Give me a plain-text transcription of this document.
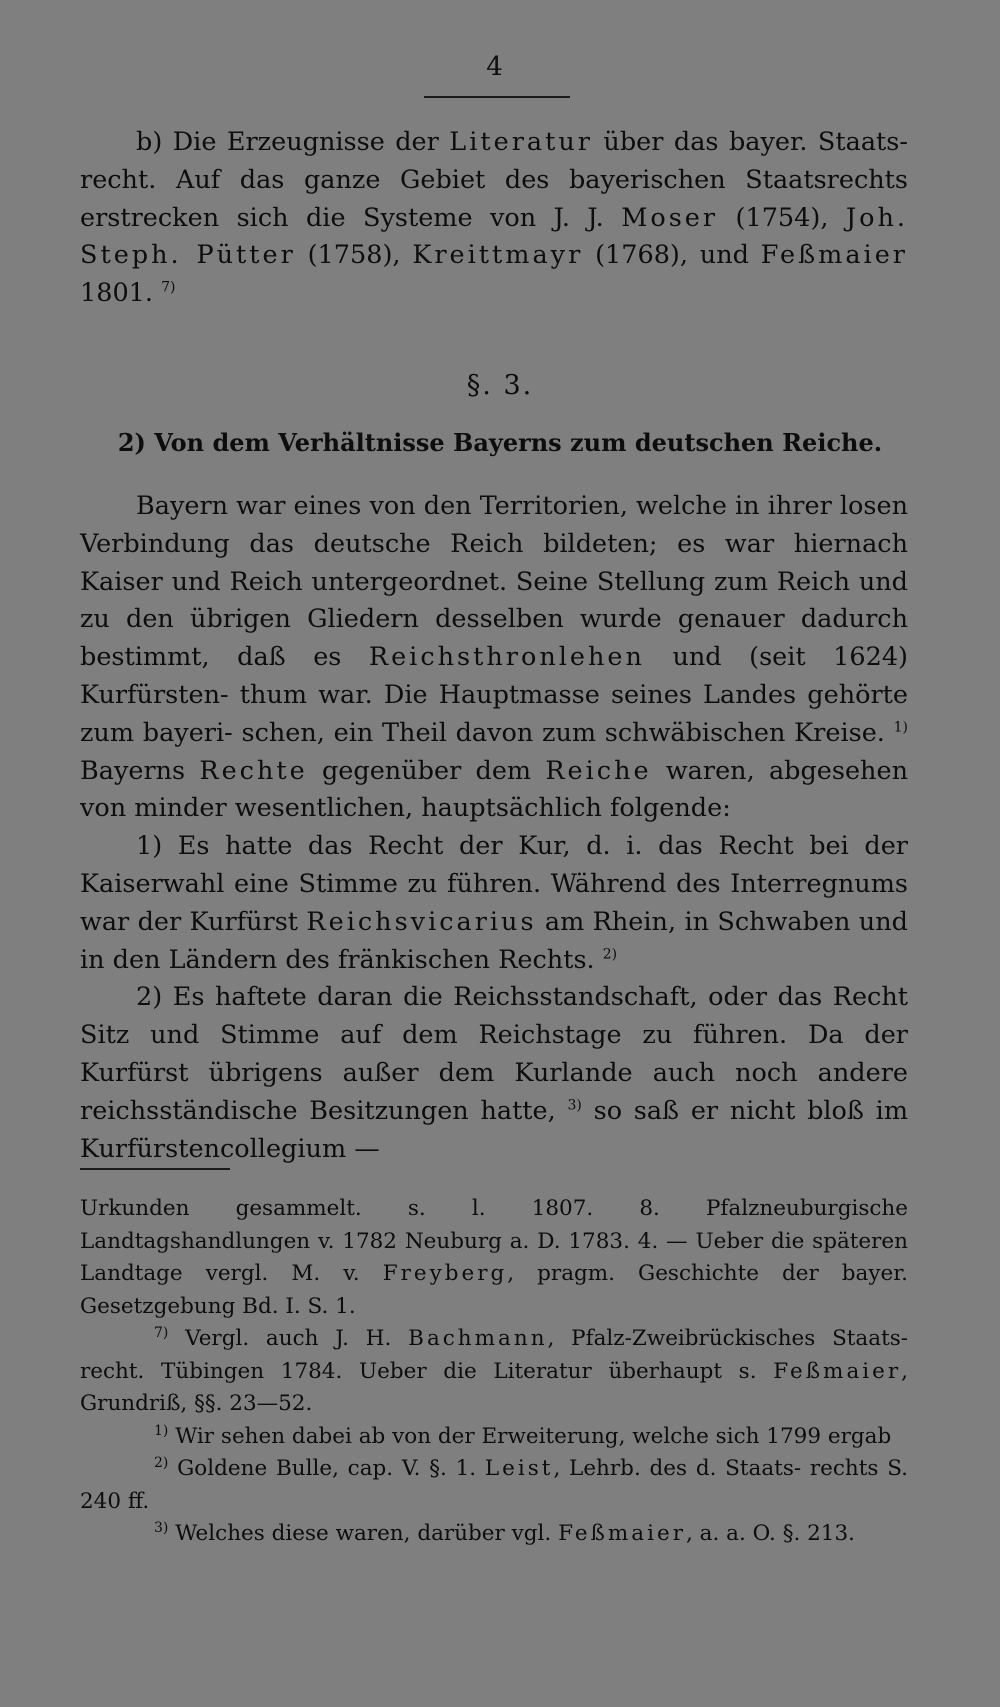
4

b) Die Erzeugnisse der Literatur über das bayer. Staats- recht. Auf das ganze Gebiet des bayerischen Staatsrechts erstrecken sich die Systeme von J. J. Moser (1754), Joh. Steph. Pütter (1758), Kreittmayr (1768), und Feßmaier 1801. $^{7)}$

§. 3.
2) Von dem Verhältnisse Bayerns zum deutschen Reiche.

Bayern war eines von den Territorien, welche in ihrer losen Verbindung das deutsche Reich bildeten; es war hiernach Kaiser und Reich untergeordnet. Seine Stellung zum Reich und zu den übrigen Gliedern desselben wurde genauer dadurch bestimmt, daß es Reichsthronlehen und (seit 1624) Kurfürsten- thum war. Die Hauptmasse seines Landes gehörte zum bayeri- schen, ein Theil davon zum schwäbischen Kreise. $^{1)}$ Bayerns Rechte gegenüber dem Reiche waren, abgesehen von minder wesentlichen, hauptsächlich folgende:

1) Es hatte das Recht der Kur, d. i. das Recht bei der Kaiserwahl eine Stimme zu führen. Während des Interregnums war der Kurfürst Reichsvicarius am Rhein, in Schwaben und in den Ländern des fränkischen Rechts. $^{2)}$

2) Es haftete daran die Reichsstandschaft, oder das Recht Sitz und Stimme auf dem Reichstage zu führen. Da der Kurfürst übrigens außer dem Kurlande auch noch andere reichsständische Besitzungen hatte, $^{3)}$ so saß er nicht bloß im Kurfürstencollegium —

Urkunden gesammelt. s. l. 1807. 8. Pfalzneuburgische Landtagshandlungen v. 1782 Neuburg a. D. 1783. 4. — Ueber die späteren Landtage vergl. M. v. Freyberg, pragm. Geschichte der bayer. Gesetzgebung Bd. I. S. 1.

$^{7)}$ Vergl. auch J. H. Bachmann, Pfalz-Zweibrückisches Staats- recht. Tübingen 1784. Ueber die Literatur überhaupt s. Feßmaier, Grundriß, §§. 23—52.

$^{1)}$ Wir sehen dabei ab von der Erweiterung, welche sich 1799 ergab

$^{2)}$ Goldene Bulle, cap. V. §. 1. Leist, Lehrb. des d. Staats- rechts S. 240 ff.

$^{3)}$ Welches diese waren, darüber vgl. Feßmaier, a. a. O. §. 213.
